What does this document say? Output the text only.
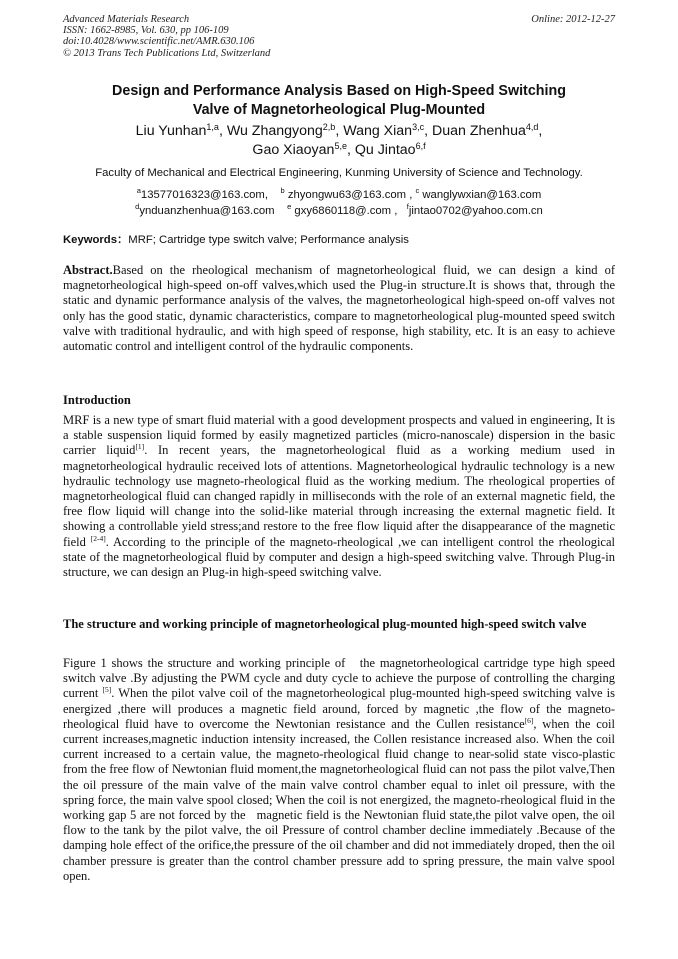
Advanced Materials Research
ISSN: 1662-8985, Vol. 630, pp 106-109
doi:10.4028/www.scientific.net/AMR.630.106
© 2013 Trans Tech Publications Ltd, Switzerland
Online: 2012-12-27
Design and Performance Analysis Based on High-Speed Switching
Valve of Magnetorheological Plug-Mounted
Liu Yunhan$^{1,a}$, Wu Zhangyong$^{2,b}$, Wang Xian$^{3,c}$, Duan Zhenhua$^{4,d}$,
Gao Xiaoyan$^{5,e}$, Qu Jintao$^{6,f}$
Faculty of Mechanical and Electrical Engineering, Kunming University of Science and Technology.
$^a$13577016323@163.com, $^b$ zhyongwu63@163.com , $^c$ wanglywxian@163.com
$^d$ynduanzhenhua@163.com $^e$ gxy6860118@.com , $^f$jintao0702@yahoo.com.cn
Keywords：MRF; Cartridge type switch valve; Performance analysis

Abstract.Based on the rheological mechanism of magnetorheological fluid, we can design a kind of magnetorheological high-speed on-off valves,which used the Plug-in structure.It is shows that, through the static and dynamic performance analysis of the valves, the magnetorheological high-speed on-off valves not only has the good static, dynamic characteristics, compare to magnetorheological plug-mounted speed switch valve with traditional hydraulic, and with high speed of response, high stability, etc. It is an easy to achieve automatic control and intelligent control of the hydraulic components.

Introduction

MRF is a new type of smart fluid material with a good development prospects and valued in engineering, It is a stable suspension liquid formed by easily magnetized particles (micro-nanoscale) dispersion in the basic carrier liquid[1]. In recent years, the magnetorheological fluid as a working medium used in magnetorheological hydraulic received lots of attentions. Magnetorheological hydraulic technology is a new hydraulic technology use magneto-rheological fluid as the working medium. The rheological properties of magnetorheological fluid can changed rapidly in milliseconds with the role of an external magnetic field, the free flow liquid will change into the solid-like material through increasing the external magnetic field. It showing a controllable yield stress;and restore to the free flow liquid after the disappearance of the magnetic field [2-4]. According to the principle of the magneto-rheological ,we can intelligent control the rheological state of the magnetorheological fluid by computer and design a high-speed switching valve. Through Plug-in structure, we can design an Plug-in high-speed switching valve.

The structure and working principle of magnetorheological plug-mounted high-speed switch valve

Figure 1 shows the structure and working principle of   the magnetorheological cartridge type high speed switch valve .By adjusting the PWM cycle and duty cycle to achieve the purpose of controlling the charging current [5]. When the pilot valve coil of the magnetorheological plug-mounted high-speed switching valve is energized ,there will produces a magnetic field around, forced by magnetic ,the flow of the magneto-rheological fluid have to overcome the Newtonian resistance and the Cullen resistance[6], when the coil current increases,magnetic induction intensity increased, the Collen resistance increased also. When the coil current increased to a certain value, the magneto-rheological fluid change to near-solid state visco-plastic from the free flow of Newtonian fluid moment,the magnetorheological fluid can not pass the pilot valve,Then the oil pressure of the main valve of the main valve control chamber equal to inlet oil pressure, with the spring force, the main valve spool closed; When the coil is not energized, the magneto-rheological fluid in the working gap 5 are not forced by the   magnetic field is the Newtonian fluid state,the pilot valve open, the oil flow to the tank by the pilot valve, the oil Pressure of control chamber decline immediately .Because of the damping hole effect of the orifice,the pressure of the oil chamber and did not immediately droped, then the oil chamber pressure is greater than the control chamber pressure add to spring pressure, the main valve spool open.
